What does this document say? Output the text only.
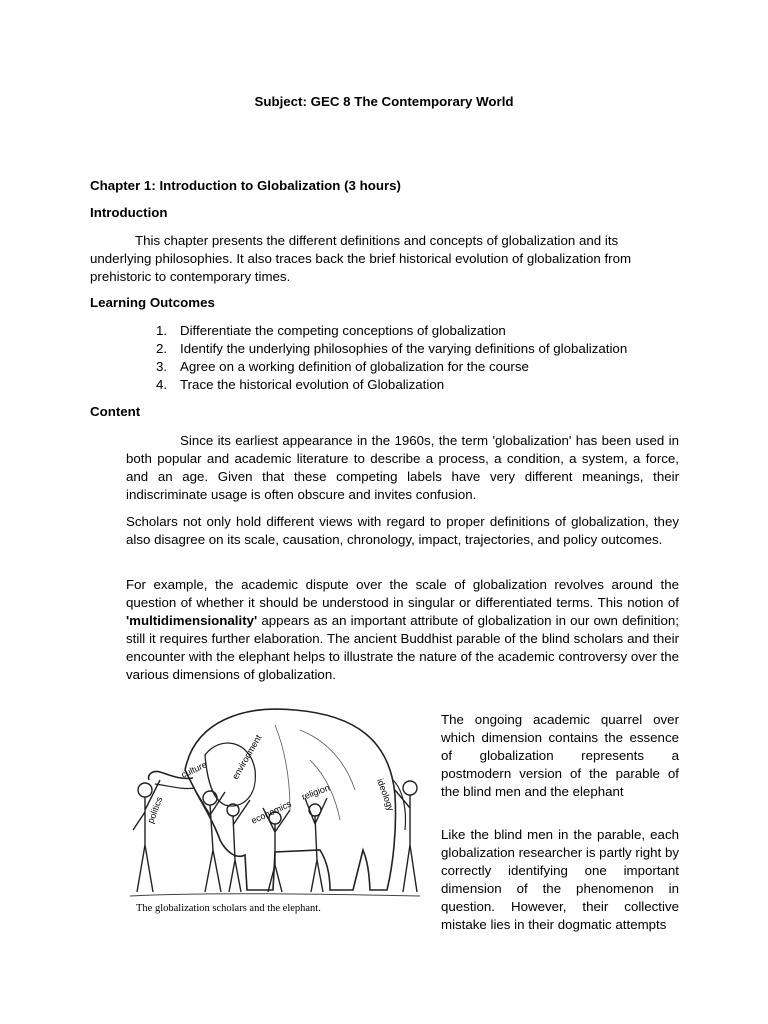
Subject: GEC 8 The Contemporary World
Chapter 1: Introduction to Globalization (3 hours)
Introduction

This chapter presents the different definitions and concepts of globalization and its underlying philosophies. It also traces back the brief historical evolution of globalization from prehistoric to contemporary times.

Learning Outcomes
1. Differentiate the competing conceptions of globalization
2. Identify the underlying philosophies of the varying definitions of globalization
3. Agree on a working definition of globalization for the course
4. Trace the historical evolution of Globalization
Content

Since its earliest appearance in the 1960s, the term 'globalization' has been used in both popular and academic literature to describe a process, a condition, a system, a force, and an age. Given that these competing labels have very different meanings, their indiscriminate usage is often obscure and invites confusion.

Scholars not only hold different views with regard to proper definitions of globalization, they also disagree on its scale, causation, chronology, impact, trajectories, and policy outcomes.

For example, the academic dispute over the scale of globalization revolves around the question of whether it should be understood in singular or differentiated terms. This notion of 'multidimensionality' appears as an important attribute of globalization in our own definition; still it requires further elaboration. The ancient Buddhist parable of the blind scholars and their encounter with the elephant helps to illustrate the nature of the academic controversy over the various dimensions of globalization.

politics
culture environment
economics
religion	ideology
The globalization scholars and the elephant.

The ongoing academic quarrel over which dimension contains the essence of globalization represents a postmodern version of the parable of the blind men and the elephant

Like the blind men in the parable, each globalization researcher is partly right by correctly identifying one important dimension of the phenomenon in question. However, their collective mistake lies in their dogmatic attempts
